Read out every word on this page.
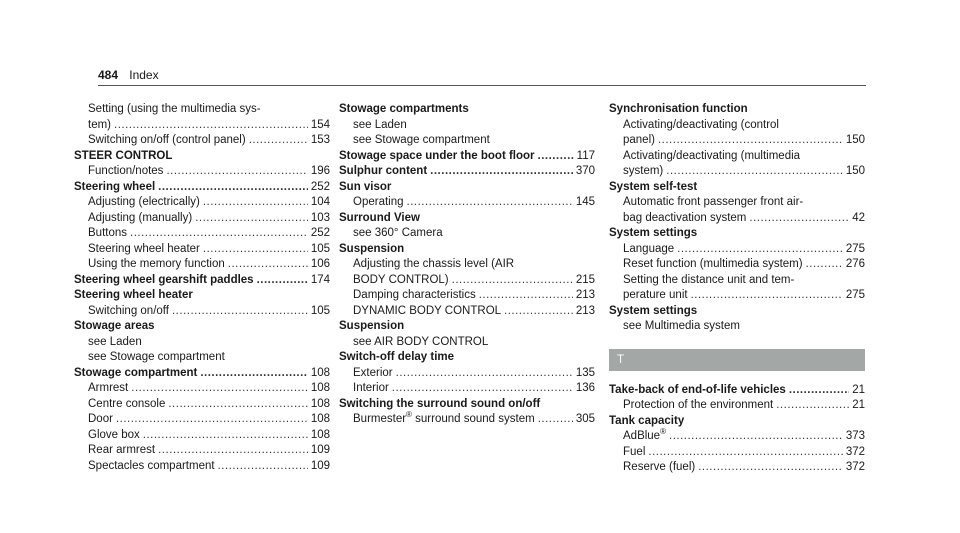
484 Index
Setting (using the multimedia sys-
tem) .....	154
Switching on/off (control panel) .....	153
STEER CONTROL
Function/notes .....	196
Steering wheel .....	252
Adjusting (electrically) .....	104
Adjusting (manually) .....	103
Buttons .....	252
Steering wheel heater .....	105
Using the memory function .....	106
Steering wheel gearshift paddles .....	174
Steering wheel heater
Switching on/off .....	105
Stowage areas
see Laden
see Stowage compartment
Stowage compartment .....	108
Armrest .....	108
Centre console .....	108
Door .....	108
Glove box .....	108
Rear armrest .....	109
Spectacles compartment .....	109
Stowage compartments
see Laden
see Stowage compartment
Stowage space under the boot floor .....	117
Sulphur content .....	370
Sun visor
Operating .....	145
Surround View
see 360° Camera
Suspension
Adjusting the chassis level (AIR
BODY CONTROL) .....	215
Damping characteristics .....	213
DYNAMIC BODY CONTROL .....	213
Suspension
see AIR BODY CONTROL
Switch-off delay time
Exterior .....	135
Interior .....	136
Switching the surround sound on/off
Burmester® surround sound system .....	305
Synchronisation function
Activating/deactivating (control
panel) .....	150
Activating/deactivating (multimedia
system) .....	150
System self-test
Automatic front passenger front air-
bag deactivation system .....	42
System settings
Language .....	275
Reset function (multimedia system) .....	276
Setting the distance unit and tem-
perature unit .....	275
System settings
see Multimedia system
T
Take-back of end-of-life vehicles .....	21
Protection of the environment .....	21
Tank capacity
AdBlue® .....	373
Fuel .....	372
Reserve (fuel) .....	372
